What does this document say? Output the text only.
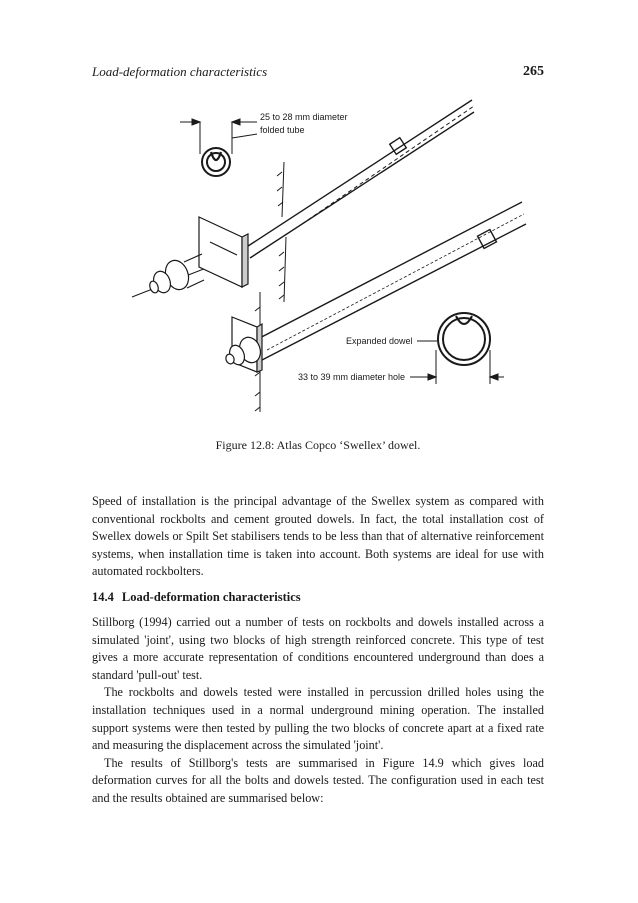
Load-deformation characteristics	265
25 to 28 mm diameter
folded tube
Expanded dowel
33 to 39 mm diameter hole
Figure 12.8: Atlas Copco ‘Swellex’ dowel.

Speed of installation is the principal advantage of the Swellex system as compared with conventional rockbolts and cement grouted dowels. In fact, the total installation cost of Swellex dowels or Spilt Set stabilisers tends to be less than that of alternative reinforcement systems, when installation time is taken into account. Both systems are ideal for use with automated rockbolters.

14.4 Load-deformation characteristics

Stillborg (1994) carried out a number of tests on rockbolts and dowels installed across a simulated 'joint', using two blocks of high strength reinforced concrete. This type of test gives a more accurate representation of conditions encountered underground than does a standard 'pull-out' test.

The rockbolts and dowels tested were installed in percussion drilled holes using the installation techniques used in a normal underground mining operation. The installed support systems were then tested by pulling the two blocks of concrete apart at a fixed rate and measuring the displacement across the simulated 'joint'.

The results of Stillborg's tests are summarised in Figure 14.9 which gives load deformation curves for all the bolts and dowels tested. The configuration used in each test and the results obtained are summarised below:
